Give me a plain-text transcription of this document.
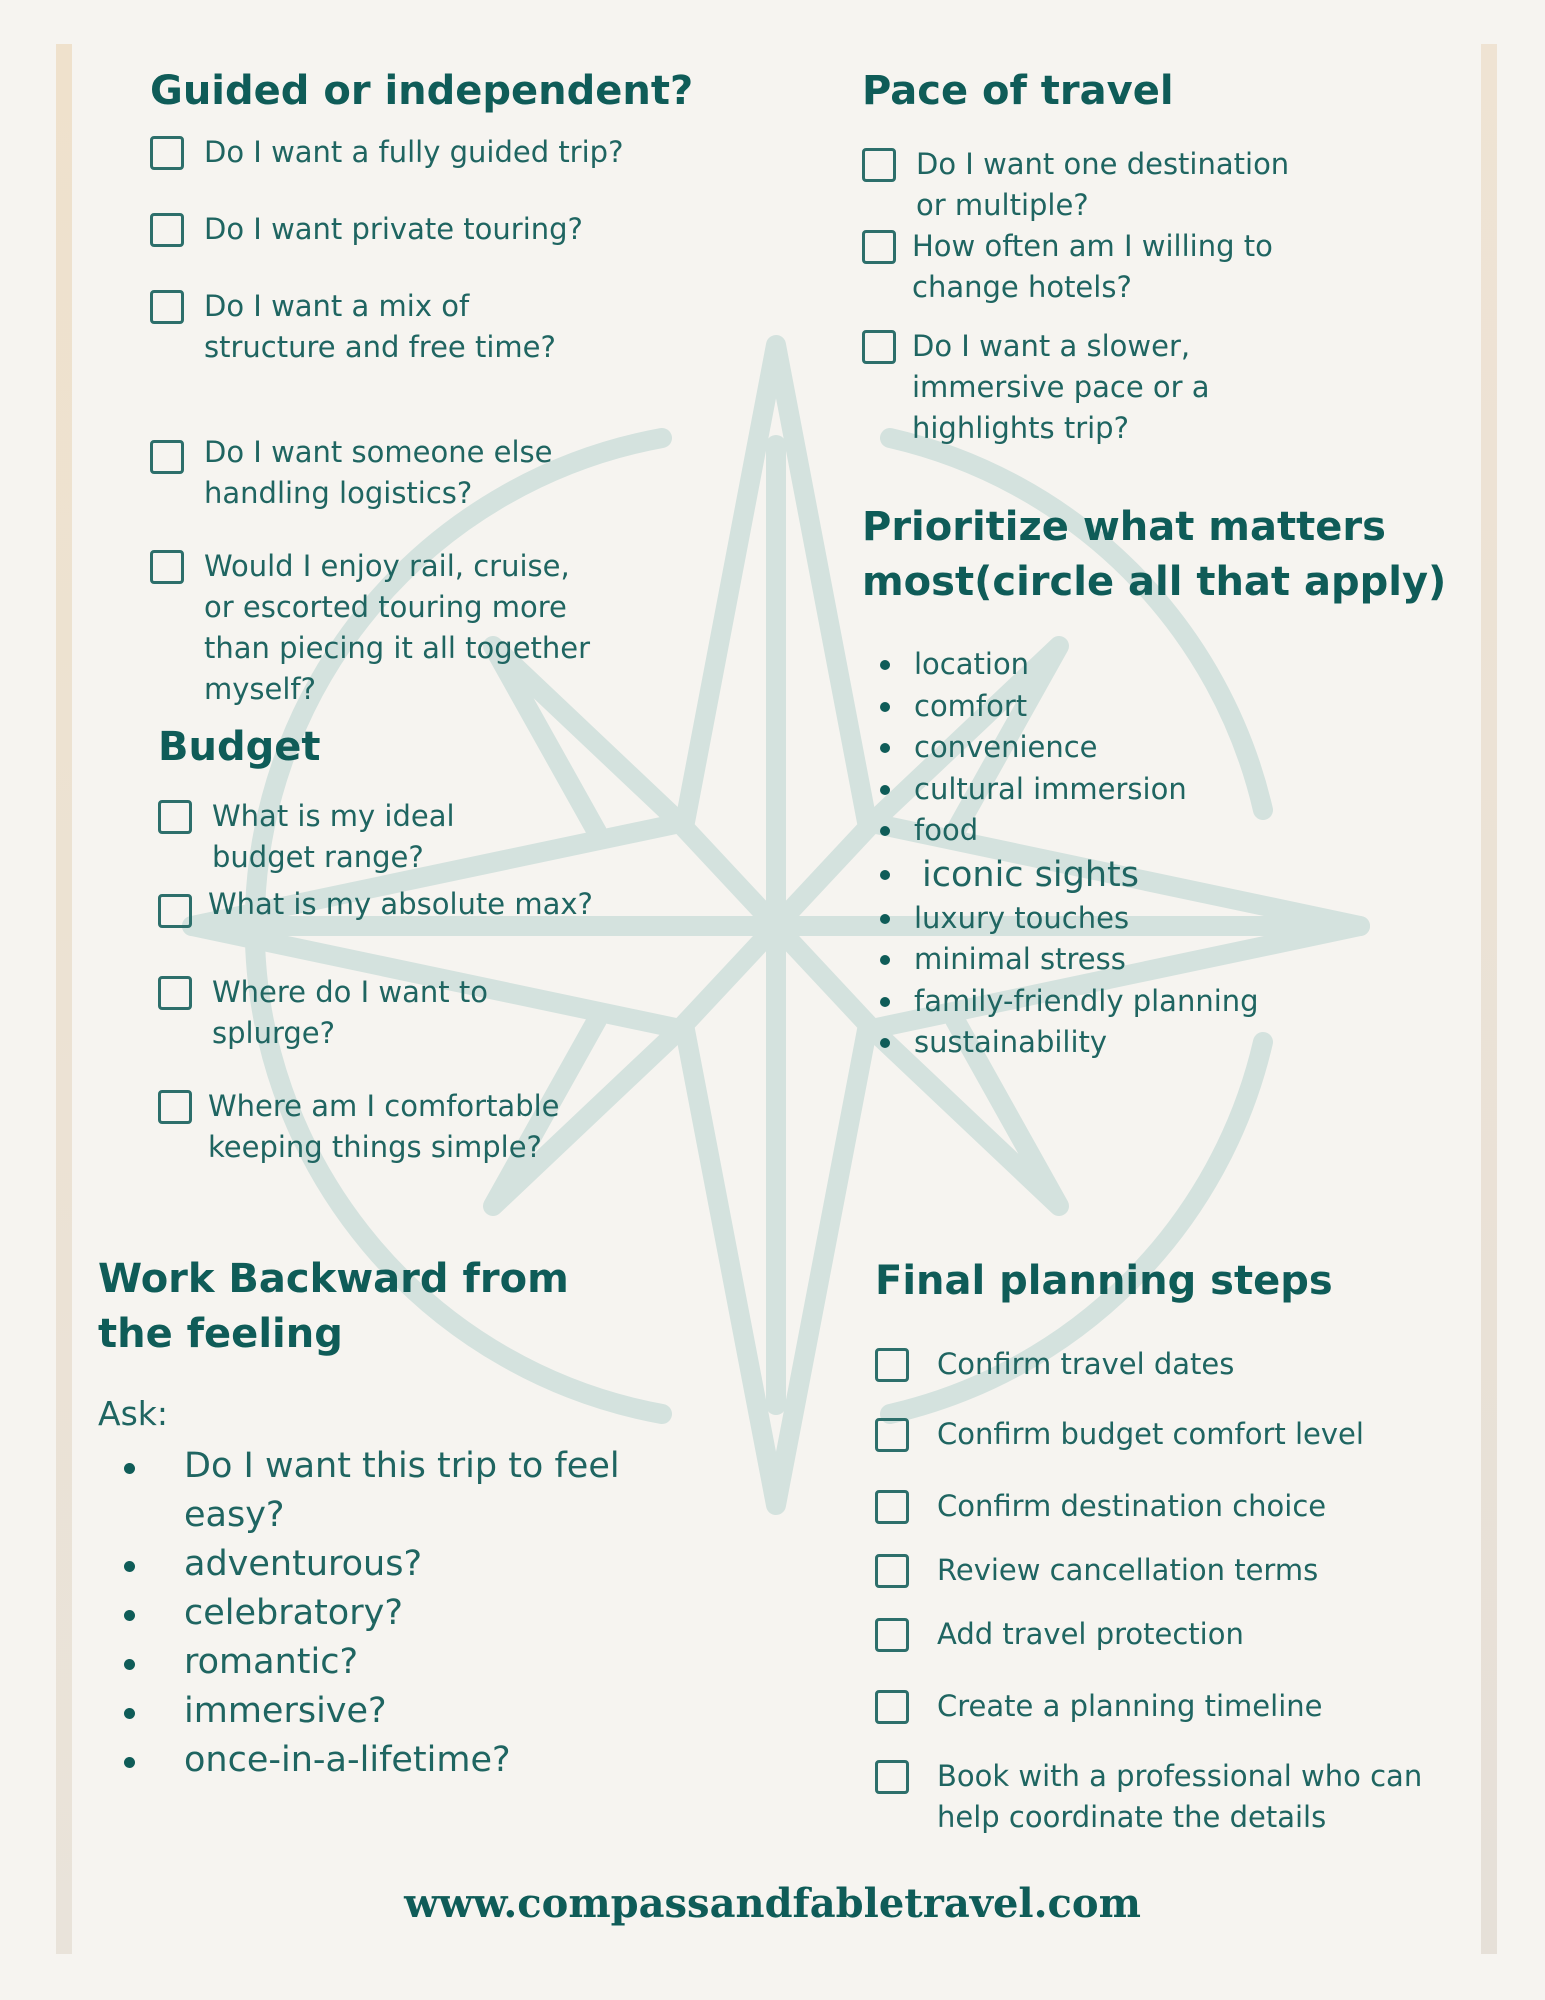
Guided or independent?
Do I want a fully guided trip?
Do I want private touring?
Do I want a mix of
structure and free time?
Do I want someone else
handling logistics?
Would I enjoy rail, cruise,
or escorted touring more
than piecing it all together
myself?
Pace of travel
Do I want one destination
or multiple?
How often am I willing to
change hotels?
Do I want a slower,
immersive pace or a
highlights trip?
Prioritize what matters
most(circle all that apply)
location
comfort
convenience
cultural immersion
food
iconic sights
luxury touches
minimal stress
family-friendly planning
sustainability
Budget
What is my ideal
budget range?
What is my absolute max?
Where do I want to
splurge?
Where am I comfortable
keeping things simple?
Work Backward from
the feeling
Ask:
Do I want this trip to feel
easy?
adventurous?
celebratory?
romantic?
immersive?
once-in-a-lifetime?
Final planning steps
Confirm travel dates
Confirm budget comfort level
Confirm destination choice
Review cancellation terms
Add travel protection
Create a planning timeline
Book with a professional who can
help coordinate the details
www.compassandfabletravel.com
